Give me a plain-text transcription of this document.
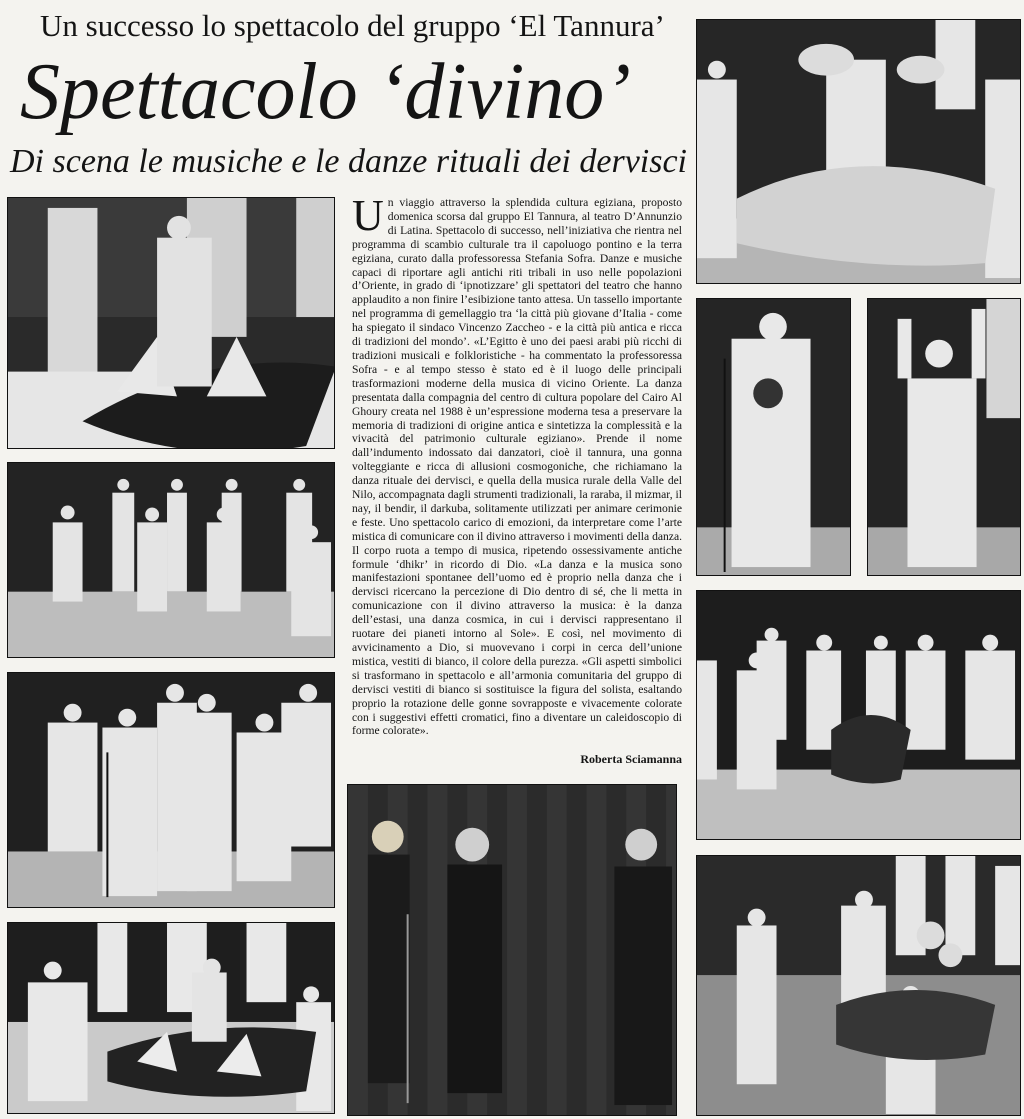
Un successo lo spettacolo del gruppo ‘El Tannura’
Spettacolo ‘divino’
Di scena le musiche e le danze rituali dei dervisci
Un viaggio attraverso la splendida cultura egiziana, proposto domenica scorsa dal gruppo El Tannura, al teatro D’Annunzio di Latina. Spettacolo di successo, nell’iniziativa che rientra nel programma di scambio culturale tra il capoluogo pontino e la terra egiziana, curato dalla professoressa Stefania Sofra. Danze e musiche capaci di riportare agli antichi riti tribali in uso nelle popolazioni d’Oriente, in grado di ‘ipnotizzare’ gli spettatori del teatro che hanno applaudito a non finire l’esibizione tanto attesa. Un tassello importante nel programma di gemellaggio tra ‘la città più giovane d’Italia - come ha spiegato il sindaco Vincenzo Zaccheo - e la città più antica e ricca di tradizioni del mondo’. «L’Egitto è uno dei paesi arabi più ricchi di tradizioni musicali e folkloristiche - ha commentato la professoressa Sofra - e al tempo stesso è stato ed è il luogo delle principali trasformazioni moderne della musica di vicino Oriente. La danza presentata dalla compagnia del centro di cultura popolare del Cairo Al Ghoury creata nel 1988 è un’espressione moderna tesa a preservare la memoria di tradizioni di origine antica e sintetizza la complessità e la vivacità del patrimonio culturale egiziano». Prende il nome dall’indumento indossato dai danzatori, cioè il tannura, una gonna volteggiante e ricca di allusioni cosmogoniche, che richiamano la danza rituale dei dervisci, e quella della musica rurale della Valle del Nilo, accompagnata dagli strumenti tradizionali, la raraba, il mizmar, il nay, il bendir, il darkuba, solitamente utilizzati per animare cerimonie e feste. Uno spettacolo carico di emozioni, da interpretare come l’arte mistica di comunicare con il divino attraverso i movimenti della danza. Il corpo ruota a tempo di musica, ripetendo ossessivamente antiche formule ‘dhikr’ in ricordo di Dio. «La danza e la musica sono manifestazioni spontanee dell’uomo ed è proprio nella danza che i dervisci ricercano la percezione di Dio dentro di sé, che li metta in comunicazione con il divino attraverso la musica: è la danza dell’estasi, una danza cosmica, in cui i dervisci rappresentano il ruotare dei pianeti intorno al Sole». E così, nel movimento di avvicinamento a Dio, si muovevano i corpi in cerca dell’unione mistica, vestiti di bianco, il colore della purezza. «Gli aspetti simbolici si trasformano in spettacolo e all’armonia comunitaria del gruppo di dervisci vestiti di bianco si sostituisce la figura del solista, esaltando proprio la rotazione delle gonne sovrapposte e vivacemente colorate con i suggestivi effetti cromatici, fino a diventare un caleidoscopio di forme colorate».
Roberta Sciamanna
